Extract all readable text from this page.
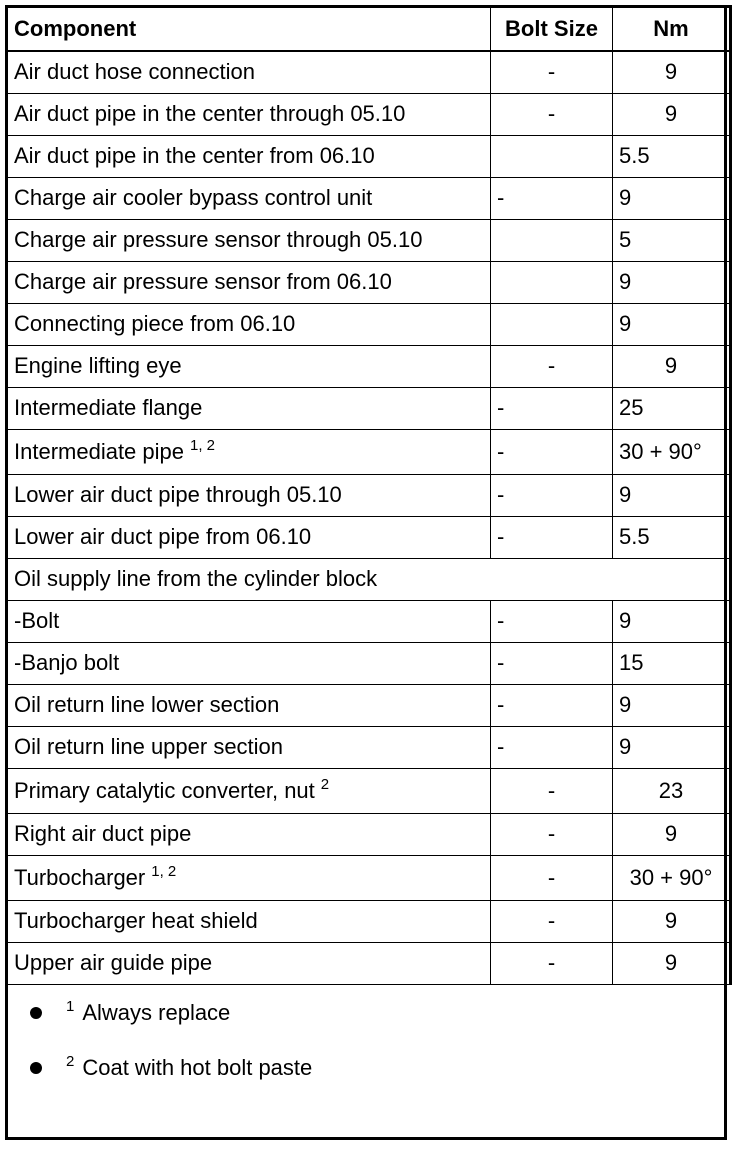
Component	Bolt Size	Nm
Air duct hose connection	-	9
Air duct pipe in the center through 05.10	-	9
Air duct pipe in the center from 06.10		5.5
Charge air cooler bypass control unit	-	9
Charge air pressure sensor through 05.10		5
Charge air pressure sensor from 06.10		9
Connecting piece from 06.10		9
Engine lifting eye	-	9
Intermediate flange	-	25
Intermediate pipe $^{1, 2}$	-	30 + 90°
Lower air duct pipe through 05.10	-	9
Lower air duct pipe from 06.10	-	5.5
Oil supply line from the cylinder block		
-Bolt	-	9
-Banjo bolt	-	15
Oil return line lower section	-	9
Oil return line upper section	-	9
Primary catalytic converter, nut $^2$	-	23
Right air duct pipe	-	9
Turbocharger $^{1, 2}$	-	30 + 90°
Turbocharger heat shield	-	9
Upper air guide pipe	-	9
$^1$ Always replace
$^2$ Coat with hot bolt paste
